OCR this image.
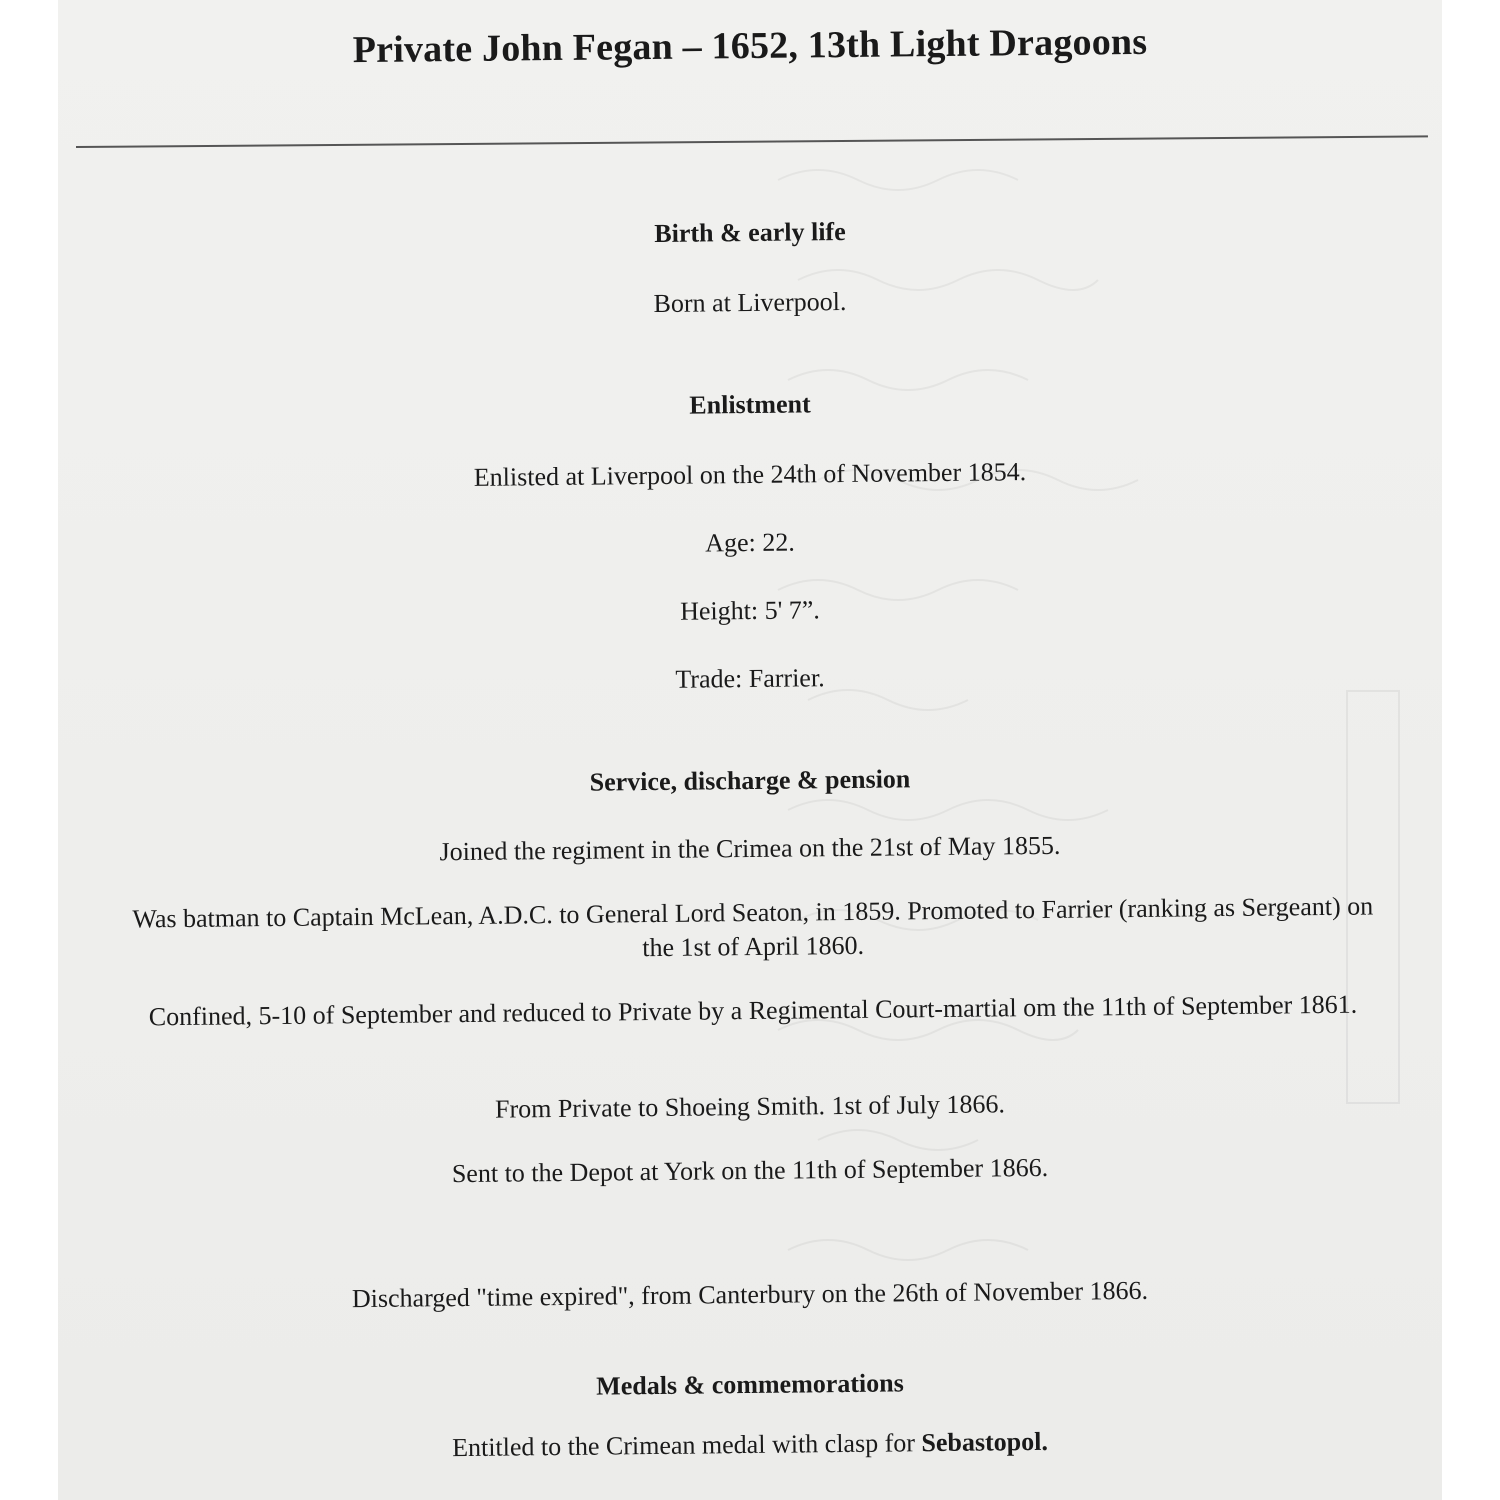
Private John Fegan – 1652, 13th Light Dragoons
Birth & early life
Born at Liverpool.
Enlistment
Enlisted at Liverpool on the 24th of November 1854.
Age: 22.
Height: 5' 7”.
Trade: Farrier.
Service, discharge & pension
Joined the regiment in the Crimea on the 21st of May 1855.
Was batman to Captain McLean, A.D.C. to General Lord Seaton, in 1859. Promoted to Farrier (ranking as Sergeant) on the 1st of April 1860.
Confined, 5-10 of September and reduced to Private by a Regimental Court-martial om the 11th of September 1861.
From Private to Shoeing Smith. 1st of July 1866.
Sent to the Depot at York on the 11th of September 1866.
Discharged "time expired", from Canterbury on the 26th of November 1866.
Medals & commemorations
Entitled to the Crimean medal with clasp for Sebastopol.
